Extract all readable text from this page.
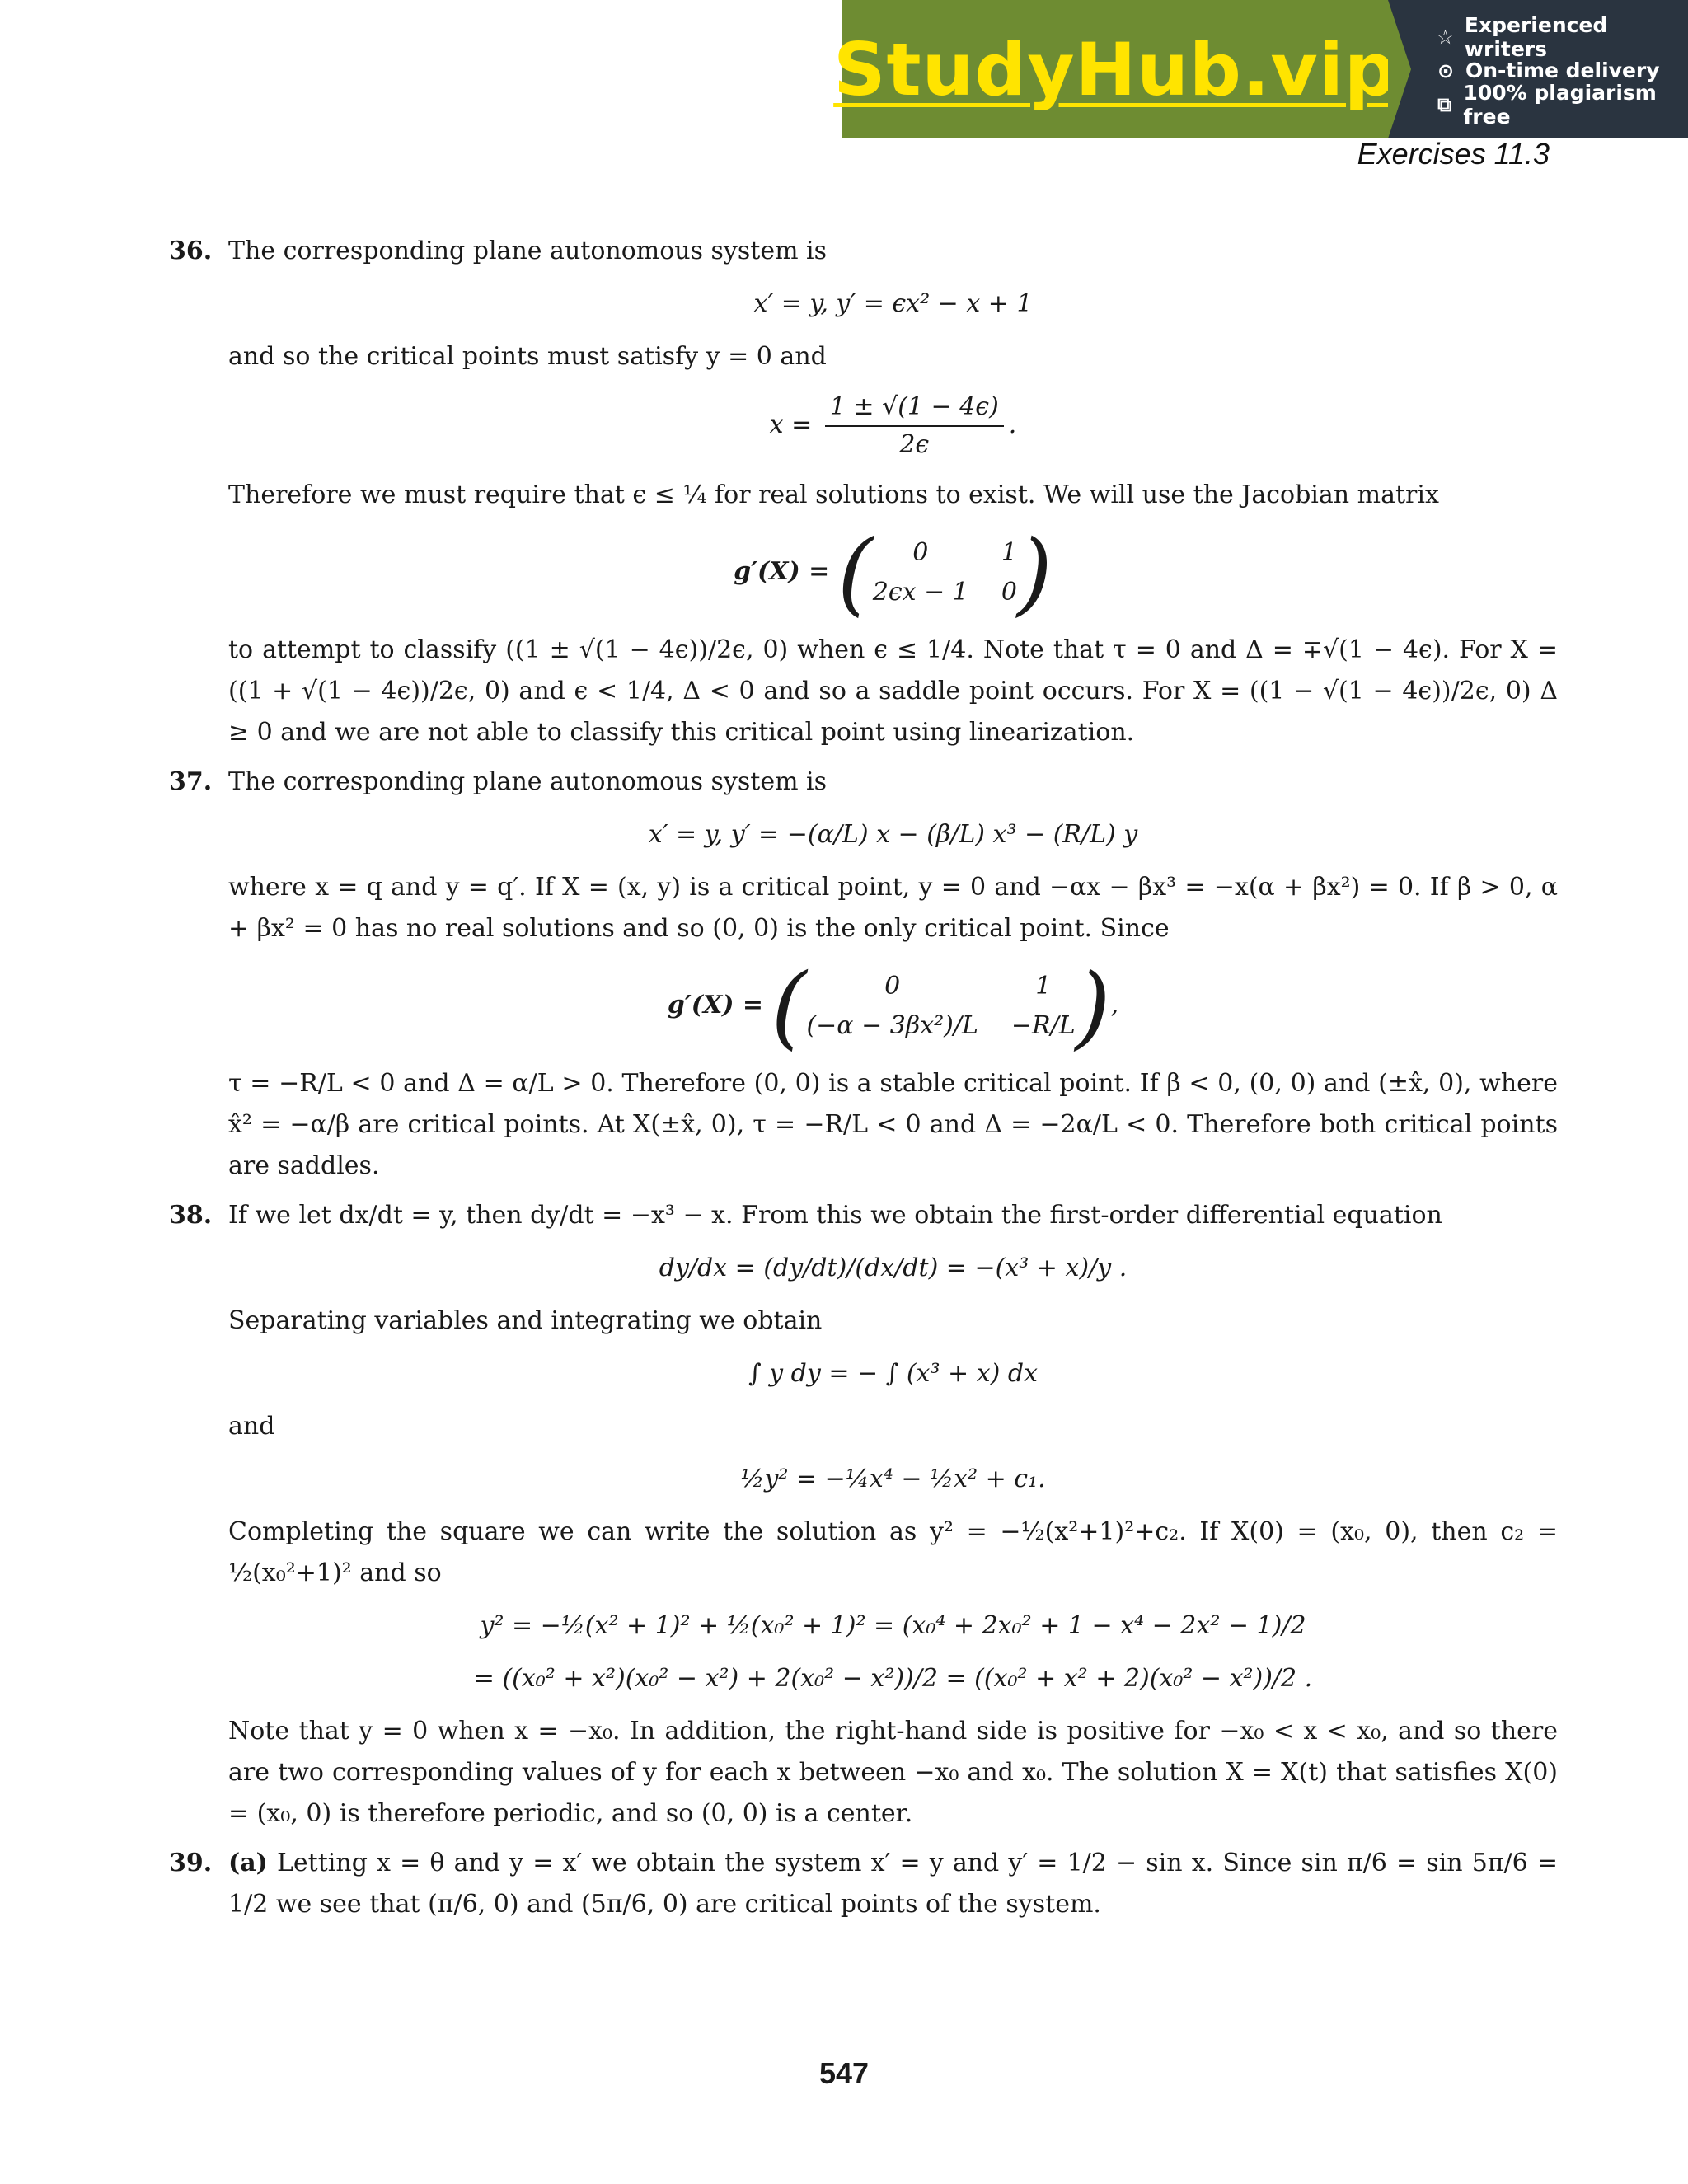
StudyHub.vip ☆ Experienced writers
⊙ On-time delivery
⧉ 100% plagiarism free
Exercises 11.3
36. The corresponding plane autonomous system is

x′ = y, y′ = ϵx² − x + 1

and so the critical points must satisfy y = 0 and

$x = \frac{1 \pm √(1 - 4\epsilon)}{2\epsilon}$ .

Therefore we must require that ϵ ≤ ¼ for real solutions to exist. We will use the Jacobian matrix

g′(X) = (	0	1
2ϵx − 1 0 )

to attempt to classify ((1 ± √(1 − 4ϵ))/2ϵ, 0) when ϵ ≤ 1/4. Note that τ = 0 and Δ = ∓√(1 − 4ϵ). For X = ((1 + √(1 − 4ϵ))/2ϵ, 0) and ϵ < 1/4, Δ < 0 and so a saddle point occurs. For X = ((1 − √(1 − 4ϵ))/2ϵ, 0) Δ ≥ 0 and we are not able to classify this critical point using linearization.

37. The corresponding plane autonomous system is

x′ = y, y′ = −(α/L) x − (β/L) x³ − (R/L) y

where x = q and y = q′. If X = (x, y) is a critical point, y = 0 and −αx − βx³ = −x(α + βx²) = 0. If β > 0, α + βx² = 0 has no real solutions and so (0, 0) is the only critical point. Since

g′(X) = (	0	1
(−α − 3βx²)/L −R/L ) ,

τ = −R/L < 0 and Δ = α/L > 0. Therefore (0, 0) is a stable critical point. If β < 0, (0, 0) and (±x̂, 0), where x̂² = −α/β are critical points. At X(±x̂, 0), τ = −R/L < 0 and Δ = −2α/L < 0. Therefore both critical points are saddles.

38. If we let dx/dt = y, then dy/dt = −x³ − x. From this we obtain the first-order differential equation

dy/dx = (dy/dt)/(dx/dt) = −(x³ + x)/y .

Separating variables and integrating we obtain

∫ y dy = − ∫ (x³ + x) dx

and

½y² = −¼x⁴ − ½x² + c₁.

Completing the square we can write the solution as y² = −½(x²+1)²+c₂. If X(0) = (x₀, 0), then c₂ = ½(x₀²+1)² and so

y² = −½(x² + 1)² + ½(x₀² + 1)² = (x₀⁴ + 2x₀² + 1 − x⁴ − 2x² − 1)/2
= ((x₀² + x²)(x₀² − x²) + 2(x₀² − x²))/2 = ((x₀² + x² + 2)(x₀² − x²))/2 .

Note that y = 0 when x = −x₀. In addition, the right-hand side is positive for −x₀ < x < x₀, and so there are two corresponding values of y for each x between −x₀ and x₀. The solution X = X(t) that satisfies X(0) = (x₀, 0) is therefore periodic, and so (0, 0) is a center.

39. (a) Letting x = θ and y = x′ we obtain the system x′ = y and y′ = 1/2 − sin x. Since sin π/6 = sin 5π/6 = 1/2 we see that (π/6, 0) and (5π/6, 0) are critical points of the system.

547
